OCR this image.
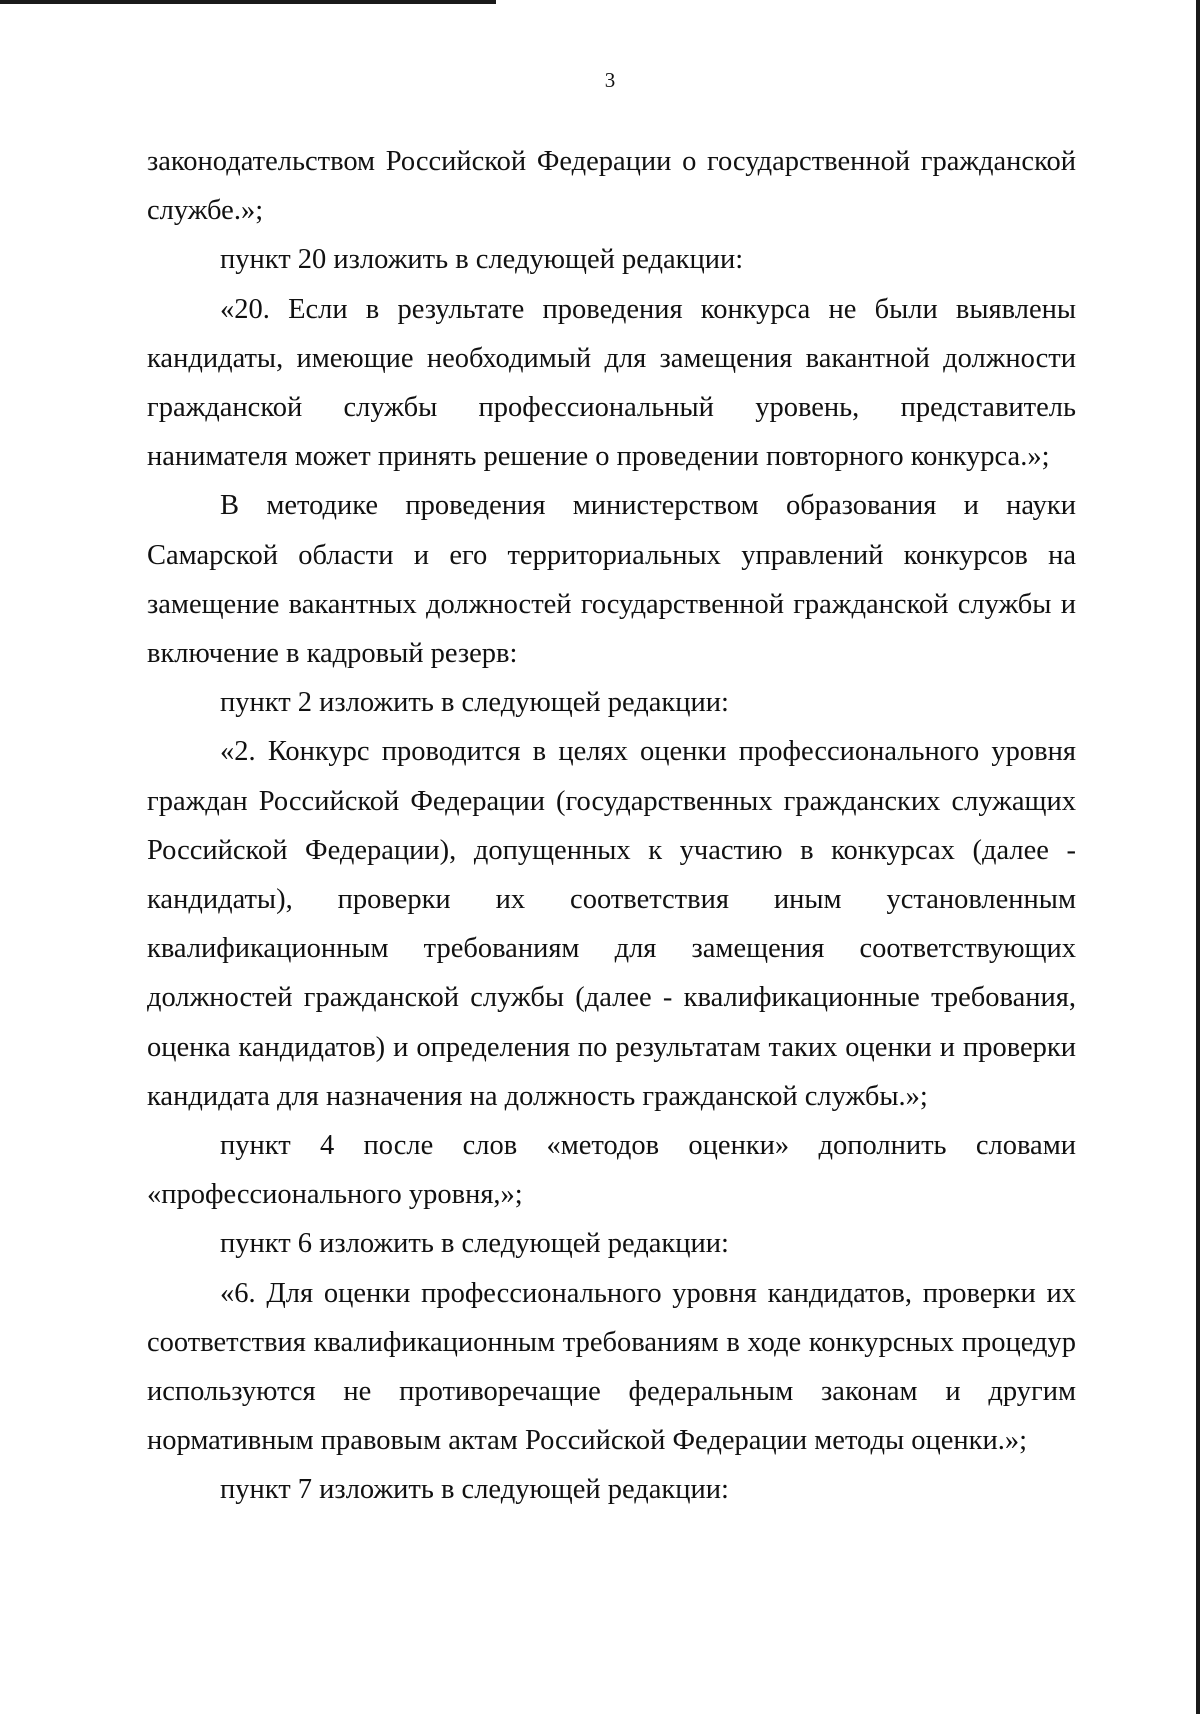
3

законодательством Российской Федерации о государственной гражданской службе.»;

пункт 20 изложить в следующей редакции:

«20. Если в результате проведения конкурса не были выявлены кандидаты, имеющие необходимый для замещения вакантной должности гражданской службы профессиональный уровень, представитель нанимателя может принять решение о проведении повторного конкурса.»;

В методике проведения министерством образования и науки Самарской области и его территориальных управлений конкурсов на замещение вакантных должностей государственной гражданской службы и включение в кадровый резерв:

пункт 2 изложить в следующей редакции:

«2. Конкурс проводится в целях оценки профессионального уровня граждан Российской Федерации (государственных гражданских служащих Российской Федерации), допущенных к участию в конкурсах (далее - кандидаты), проверки их соответствия иным установленным квалификационным требованиям для замещения соответствующих должностей гражданской службы (далее - квалификационные требования, оценка кандидатов) и определения по результатам таких оценки и проверки кандидата для назначения на должность гражданской службы.»;

пункт 4 после слов «методов оценки» дополнить словами «профессионального уровня,»;

пункт 6 изложить в следующей редакции:

«6. Для оценки профессионального уровня кандидатов, проверки их соответствия квалификационным требованиям в ходе конкурсных процедур используются не противоречащие федеральным законам и другим нормативным правовым актам Российской Федерации методы оценки.»;

пункт 7 изложить в следующей редакции:
